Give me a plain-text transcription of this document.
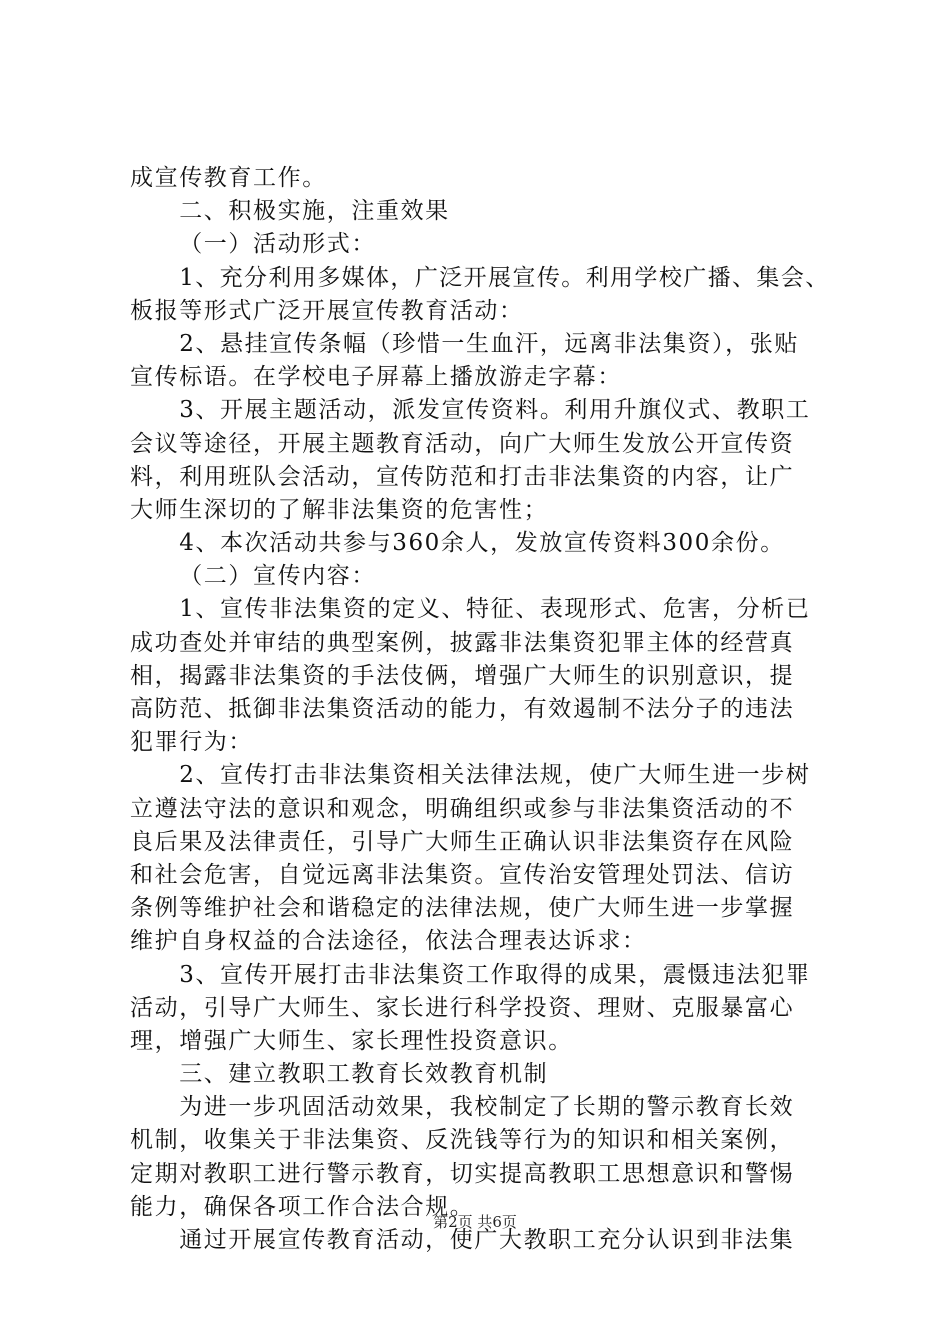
成宣传教育工作。
二、积极实施，注重效果
（一）活动形式：
1、充分利用多媒体，广泛开展宣传。利用学校广播、集会、
板报等形式广泛开展宣传教育活动：
2、悬挂宣传条幅（珍惜一生血汗，远离非法集资），张贴
宣传标语。在学校电子屏幕上播放游走字幕：
3、开展主题活动，派发宣传资料。利用升旗仪式、教职工
会议等途径，开展主题教育活动，向广大师生发放公开宣传资
料，利用班队会活动，宣传防范和打击非法集资的内容，让广
大师生深切的了解非法集资的危害性；
4、本次活动共参与360余人，发放宣传资料300余份。
（二）宣传内容：
1、宣传非法集资的定义、特征、表现形式、危害，分析已
成功查处并审结的典型案例，披露非法集资犯罪主体的经营真
相，揭露非法集资的手法伎俩，增强广大师生的识别意识，提
高防范、抵御非法集资活动的能力，有效遏制不法分子的违法
犯罪行为：
2、宣传打击非法集资相关法律法规，使广大师生进一步树
立遵法守法的意识和观念，明确组织或参与非法集资活动的不
良后果及法律责任，引导广大师生正确认识非法集资存在风险
和社会危害，自觉远离非法集资。宣传治安管理处罚法、信访
条例等维护社会和谐稳定的法律法规，使广大师生进一步掌握
维护自身权益的合法途径，依法合理表达诉求：
3、宣传开展打击非法集资工作取得的成果，震慑违法犯罪
活动，引导广大师生、家长进行科学投资、理财、克服暴富心
理，增强广大师生、家长理性投资意识。
三、建立教职工教育长效教育机制
为进一步巩固活动效果，我校制定了长期的警示教育长效
机制，收集关于非法集资、反洗钱等行为的知识和相关案例，
定期对教职工进行警示教育，切实提高教职工思想意识和警惕
能力，确保各项工作合法合规。
通过开展宣传教育活动，使广大教职工充分认识到非法集
第2页 共6页
